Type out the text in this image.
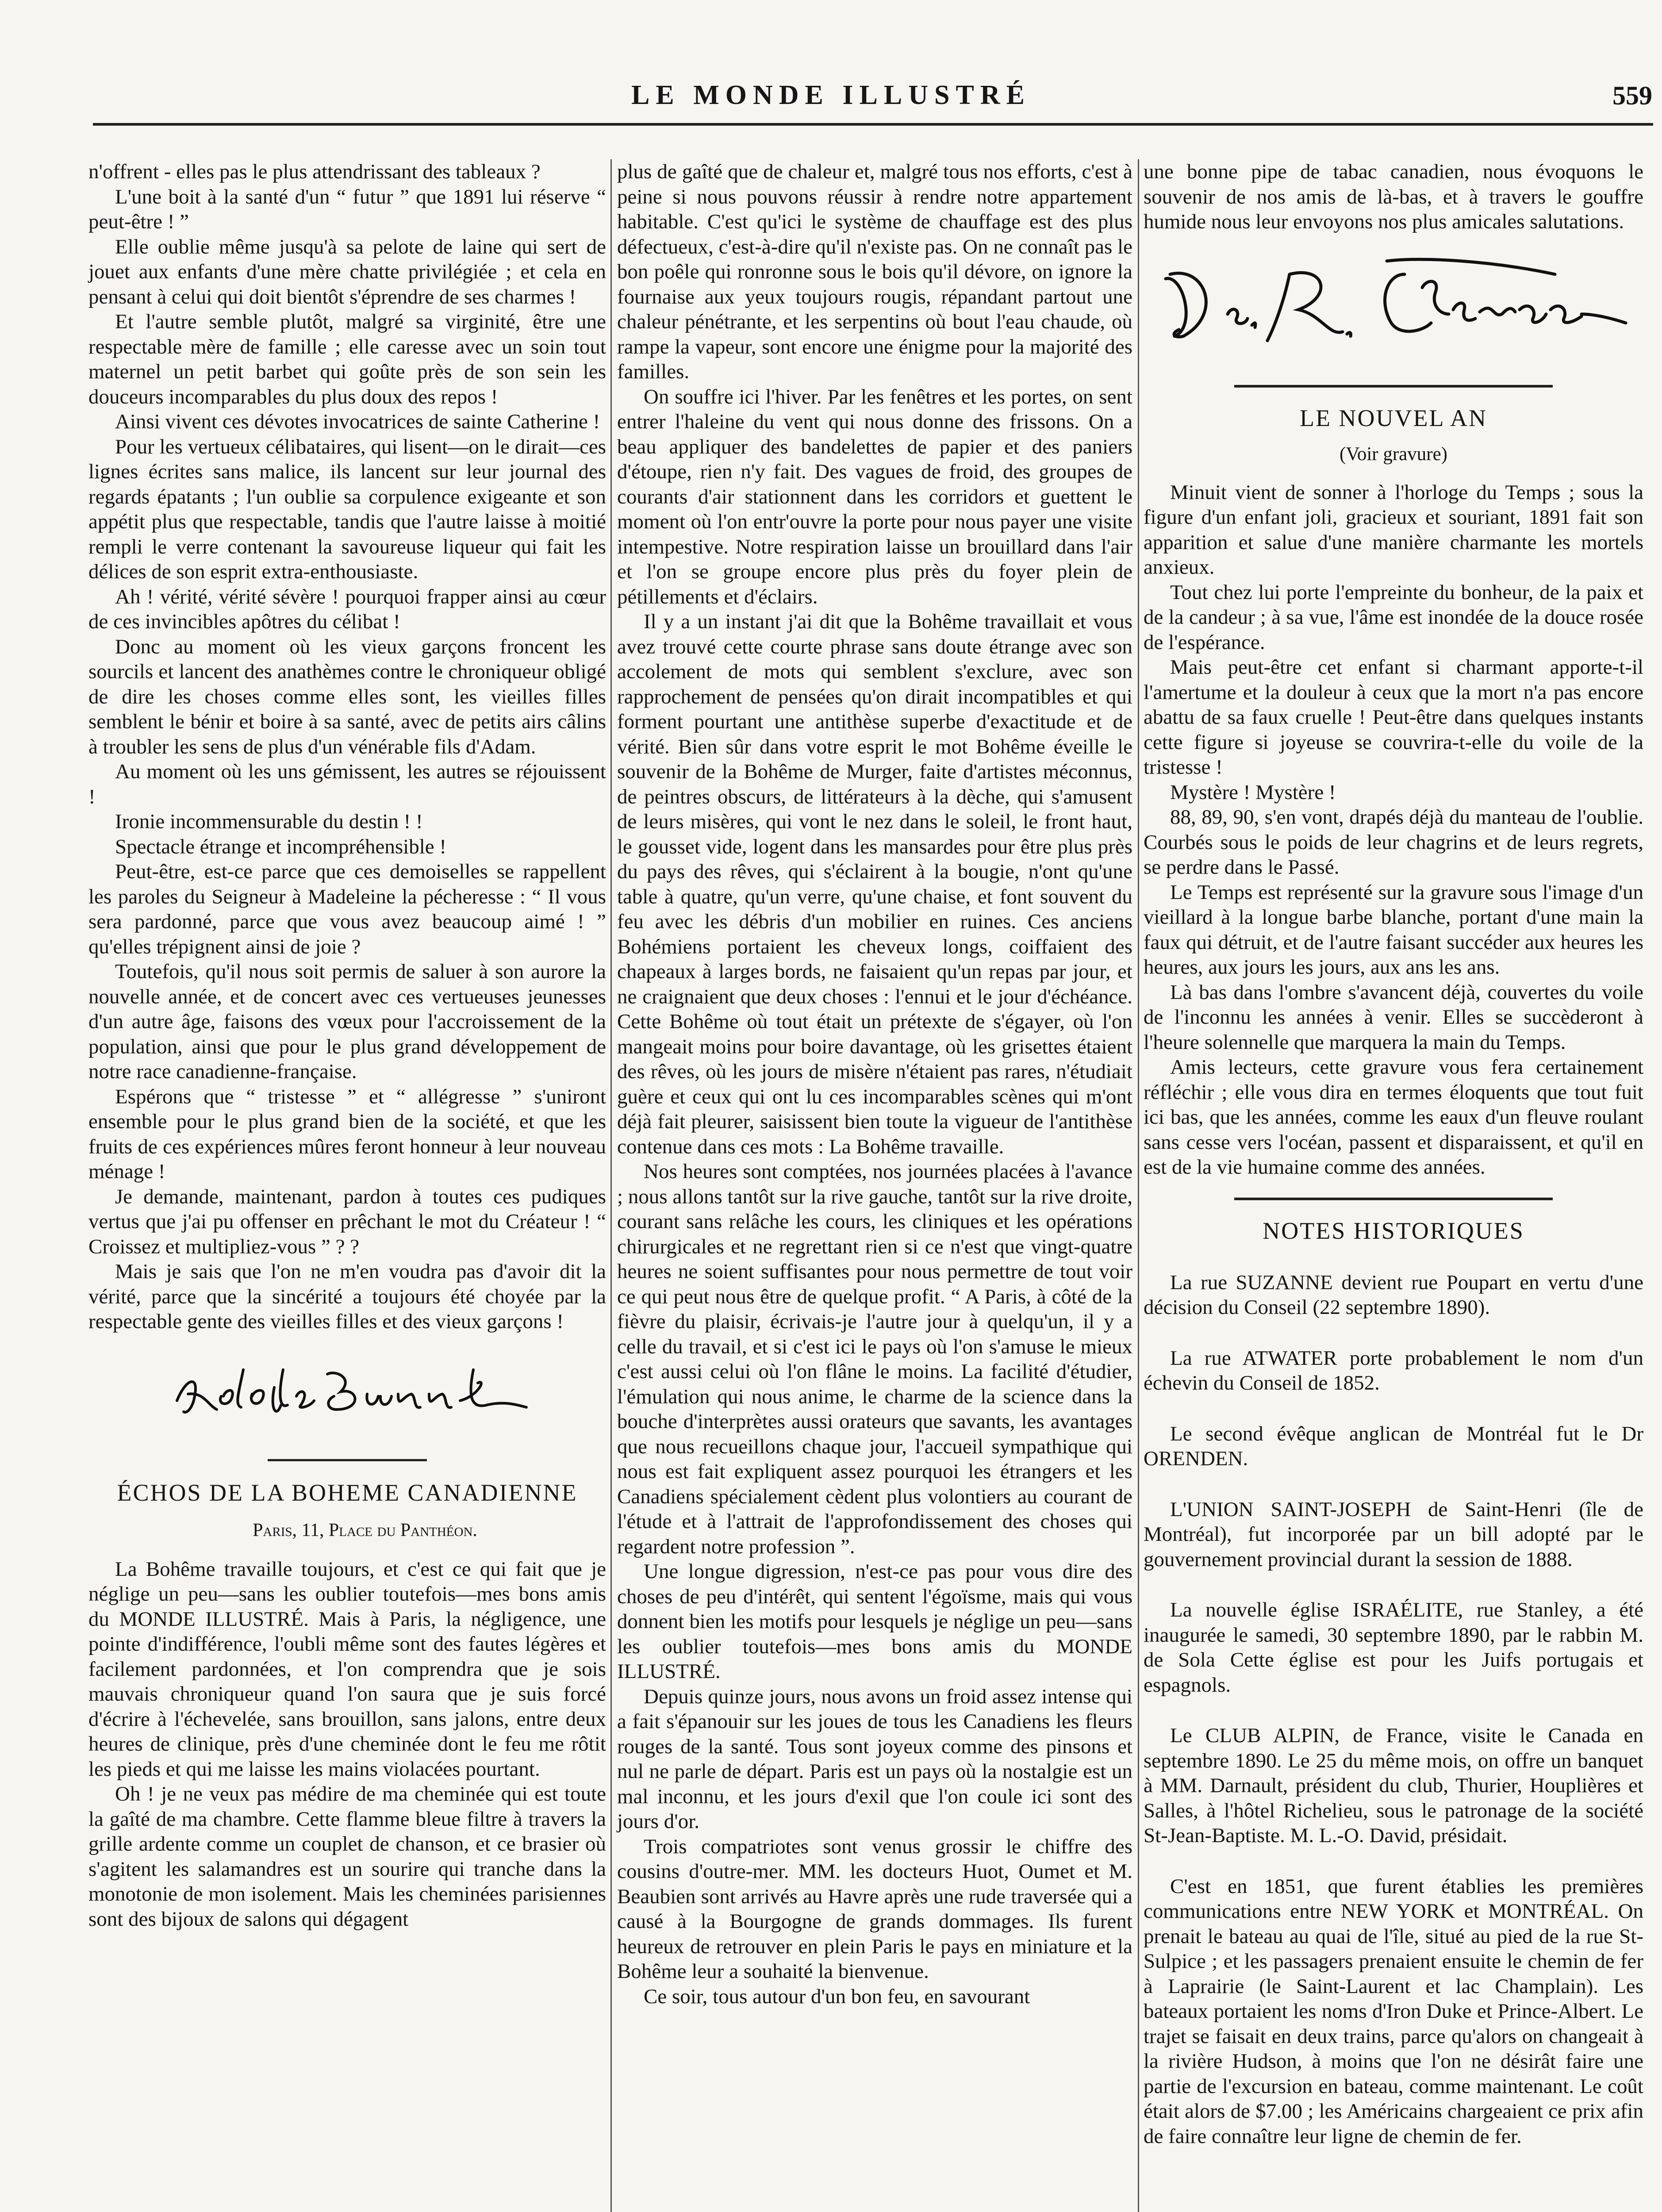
LE MONDE ILLUSTRÉ	559

n'offrent - elles pas le plus attendrissant des tableaux ?

L'une boit à la santé d'un “ futur ” que 1891 lui réserve “ peut-être ! ”

Elle oublie même jusqu'à sa pelote de laine qui sert de jouet aux enfants d'une mère chatte privilégiée ; et cela en pensant à celui qui doit bientôt s'éprendre de ses charmes !

Et l'autre semble plutôt, malgré sa virginité, être une respectable mère de famille ; elle caresse avec un soin tout maternel un petit barbet qui goûte près de son sein les douceurs incomparables du plus doux des repos !

Ainsi vivent ces dévotes invocatrices de sainte Catherine !

Pour les vertueux célibataires, qui lisent—on le dirait—ces lignes écrites sans malice, ils lancent sur leur journal des regards épatants ; l'un oublie sa corpulence exigeante et son appétit plus que respectable, tandis que l'autre laisse à moitié rempli le verre contenant la savoureuse liqueur qui fait les délices de son esprit extra-enthousiaste.

Ah ! vérité, vérité sévère ! pourquoi frapper ainsi au cœur de ces invincibles apôtres du célibat !

Donc au moment où les vieux garçons froncent les sourcils et lancent des anathèmes contre le chroniqueur obligé de dire les choses comme elles sont, les vieilles filles semblent le bénir et boire à sa santé, avec de petits airs câlins à troubler les sens de plus d'un vénérable fils d'Adam.

Au moment où les uns gémissent, les autres se réjouissent !

Ironie incommensurable du destin ! !

Spectacle étrange et incompréhensible !

Peut-être, est-ce parce que ces demoiselles se rappellent les paroles du Seigneur à Madeleine la pécheresse : “ Il vous sera pardonné, parce que vous avez beaucoup aimé ! ” qu'elles trépignent ainsi de joie ?

Toutefois, qu'il nous soit permis de saluer à son aurore la nouvelle année, et de concert avec ces vertueuses jeunesses d'un autre âge, faisons des vœux pour l'accroissement de la population, ainsi que pour le plus grand développement de notre race canadienne-française.

Espérons que “ tristesse ” et “ allégresse ” s'uniront ensemble pour le plus grand bien de la société, et que les fruits de ces expériences mûres feront honneur à leur nouveau ménage !

Je demande, maintenant, pardon à toutes ces pudiques vertus que j'ai pu offenser en prêchant le mot du Créateur ! “ Croissez et multipliez-vous ” ? ?

Mais je sais que l'on ne m'en voudra pas d'avoir dit la vérité, parce que la sincérité a toujours été choyée par la respectable gente des vieilles filles et des vieux garçons !

ÉCHOS DE LA BOHEME CANADIENNE
Paris, 11, Place du Panthéon.

La Bohême travaille toujours, et c'est ce qui fait que je néglige un peu—sans les oublier toutefois—mes bons amis du MONDE ILLUSTRÉ. Mais à Paris, la négligence, une pointe d'indifférence, l'oubli même sont des fautes légères et facilement pardonnées, et l'on comprendra que je sois mauvais chroniqueur quand l'on saura que je suis forcé d'écrire à l'échevelée, sans brouillon, sans jalons, entre deux heures de clinique, près d'une cheminée dont le feu me rôtit les pieds et qui me laisse les mains violacées pourtant.

Oh ! je ne veux pas médire de ma cheminée qui est toute la gaîté de ma chambre. Cette flamme bleue filtre à travers la grille ardente comme un couplet de chanson, et ce brasier où s'agitent les salamandres est un sourire qui tranche dans la monotonie de mon isolement. Mais les cheminées parisiennes sont des bijoux de salons qui dégagent

plus de gaîté que de chaleur et, malgré tous nos efforts, c'est à peine si nous pouvons réussir à rendre notre appartement habitable. C'est qu'ici le système de chauffage est des plus défectueux, c'est-à-dire qu'il n'existe pas. On ne connaît pas le bon poêle qui ronronne sous le bois qu'il dévore, on ignore la fournaise aux yeux toujours rougis, répandant partout une chaleur pénétrante, et les serpentins où bout l'eau chaude, où rampe la vapeur, sont encore une énigme pour la majorité des familles.

On souffre ici l'hiver. Par les fenêtres et les portes, on sent entrer l'haleine du vent qui nous donne des frissons. On a beau appliquer des bandelettes de papier et des paniers d'étoupe, rien n'y fait. Des vagues de froid, des groupes de courants d'air stationnent dans les corridors et guettent le moment où l'on entr'ouvre la porte pour nous payer une visite intempestive. Notre respiration laisse un brouillard dans l'air et l'on se groupe encore plus près du foyer plein de pétillements et d'éclairs.

Il y a un instant j'ai dit que la Bohême travaillait et vous avez trouvé cette courte phrase sans doute étrange avec son accolement de mots qui semblent s'exclure, avec son rapprochement de pensées qu'on dirait incompatibles et qui forment pourtant une antithèse superbe d'exactitude et de vérité. Bien sûr dans votre esprit le mot Bohême éveille le souvenir de la Bohême de Murger, faite d'artistes méconnus, de peintres obscurs, de littérateurs à la dèche, qui s'amusent de leurs misères, qui vont le nez dans le soleil, le front haut, le gousset vide, logent dans les mansardes pour être plus près du pays des rêves, qui s'éclairent à la bougie, n'ont qu'une table à quatre, qu'un verre, qu'une chaise, et font souvent du feu avec les débris d'un mobilier en ruines. Ces anciens Bohémiens portaient les cheveux longs, coiffaient des chapeaux à larges bords, ne faisaient qu'un repas par jour, et ne craignaient que deux choses : l'ennui et le jour d'échéance. Cette Bohême où tout était un prétexte de s'égayer, où l'on mangeait moins pour boire davantage, où les grisettes étaient des rêves, où les jours de misère n'étaient pas rares, n'étudiait guère et ceux qui ont lu ces incomparables scènes qui m'ont déjà fait pleurer, saisissent bien toute la vigueur de l'antithèse contenue dans ces mots : La Bohême travaille.

Nos heures sont comptées, nos journées placées à l'avance ; nous allons tantôt sur la rive gauche, tantôt sur la rive droite, courant sans relâche les cours, les cliniques et les opérations chirurgicales et ne regrettant rien si ce n'est que vingt-quatre heures ne soient suffisantes pour nous permettre de tout voir ce qui peut nous être de quelque profit. “ A Paris, à côté de la fièvre du plaisir, écrivais-je l'autre jour à quelqu'un, il y a celle du travail, et si c'est ici le pays où l'on s'amuse le mieux c'est aussi celui où l'on flâne le moins. La facilité d'étudier, l'émulation qui nous anime, le charme de la science dans la bouche d'interprètes aussi orateurs que savants, les avantages que nous recueillons chaque jour, l'accueil sympathique qui nous est fait expliquent assez pourquoi les étrangers et les Canadiens spécialement cèdent plus volontiers au courant de l'étude et à l'attrait de l'approfondissement des choses qui regardent notre profession ”.

Une longue digression, n'est-ce pas pour vous dire des choses de peu d'intérêt, qui sentent l'égoïsme, mais qui vous donnent bien les motifs pour lesquels je néglige un peu—sans les oublier toutefois—mes bons amis du MONDE ILLUSTRÉ.

Depuis quinze jours, nous avons un froid assez intense qui a fait s'épanouir sur les joues de tous les Canadiens les fleurs rouges de la santé. Tous sont joyeux comme des pinsons et nul ne parle de départ. Paris est un pays où la nostalgie est un mal inconnu, et les jours d'exil que l'on coule ici sont des jours d'or.

Trois compatriotes sont venus grossir le chiffre des cousins d'outre-mer. MM. les docteurs Huot, Oumet et M. Beaubien sont arrivés au Havre après une rude traversée qui a causé à la Bourgogne de grands dommages. Ils furent heureux de retrouver en plein Paris le pays en miniature et la Bohême leur a souhaité la bienvenue.

Ce soir, tous autour d'un bon feu, en savourant

une bonne pipe de tabac canadien, nous évoquons le souvenir de nos amis de là-bas, et à travers le gouffre humide nous leur envoyons nos plus amicales salutations.

LE NOUVEL AN
(Voir gravure)

Minuit vient de sonner à l'horloge du Temps ; sous la figure d'un enfant joli, gracieux et souriant, 1891 fait son apparition et salue d'une manière charmante les mortels anxieux.

Tout chez lui porte l'empreinte du bonheur, de la paix et de la candeur ; à sa vue, l'âme est inondée de la douce rosée de l'espérance.

Mais peut-être cet enfant si charmant apporte-t-il l'amertume et la douleur à ceux que la mort n'a pas encore abattu de sa faux cruelle ! Peut-être dans quelques instants cette figure si joyeuse se couvrira-t-elle du voile de la tristesse !

Mystère ! Mystère !

88, 89, 90, s'en vont, drapés déjà du manteau de l'oublie. Courbés sous le poids de leur chagrins et de leurs regrets, se perdre dans le Passé.

Le Temps est représenté sur la gravure sous l'image d'un vieillard à la longue barbe blanche, portant d'une main la faux qui détruit, et de l'autre faisant succéder aux heures les heures, aux jours les jours, aux ans les ans.

Là bas dans l'ombre s'avancent déjà, couvertes du voile de l'inconnu les années à venir. Elles se succèderont à l'heure solennelle que marquera la main du Temps.

Amis lecteurs, cette gravure vous fera certainement réfléchir ; elle vous dira en termes éloquents que tout fuit ici bas, que les années, comme les eaux d'un fleuve roulant sans cesse vers l'océan, passent et disparaissent, et qu'il en est de la vie humaine comme des années.

NOTES HISTORIQUES

La rue SUZANNE devient rue Poupart en vertu d'une décision du Conseil (22 septembre 1890).

La rue ATWATER porte probablement le nom d'un échevin du Conseil de 1852.

Le second évêque anglican de Montréal fut le Dr ORENDEN.

L'UNION SAINT-JOSEPH de Saint-Henri (île de Montréal), fut incorporée par un bill adopté par le gouvernement provincial durant la session de 1888.

La nouvelle église ISRAÉLITE, rue Stanley, a été inaugurée le samedi, 30 septembre 1890, par le rabbin M. de Sola Cette église est pour les Juifs portugais et espagnols.

Le CLUB ALPIN, de France, visite le Canada en septembre 1890. Le 25 du même mois, on offre un banquet à MM. Darnault, président du club, Thurier, Houplières et Salles, à l'hôtel Richelieu, sous le patronage de la société St-Jean-Baptiste. M. L.-O. David, présidait.

C'est en 1851, que furent établies les premières communications entre NEW YORK et MONTRÉAL. On prenait le bateau au quai de l'île, situé au pied de la rue St-Sulpice ; et les passagers prenaient ensuite le chemin de fer à Laprairie (le Saint-Laurent et lac Champlain). Les bateaux portaient les noms d'Iron Duke et Prince-Albert. Le trajet se faisait en deux trains, parce qu'alors on changeait à la rivière Hudson, à moins que l'on ne désirât faire une partie de l'excursion en bateau, comme maintenant. Le coût était alors de $7.00 ; les Américains chargeaient ce prix afin de faire connaître leur ligne de chemin de fer.
